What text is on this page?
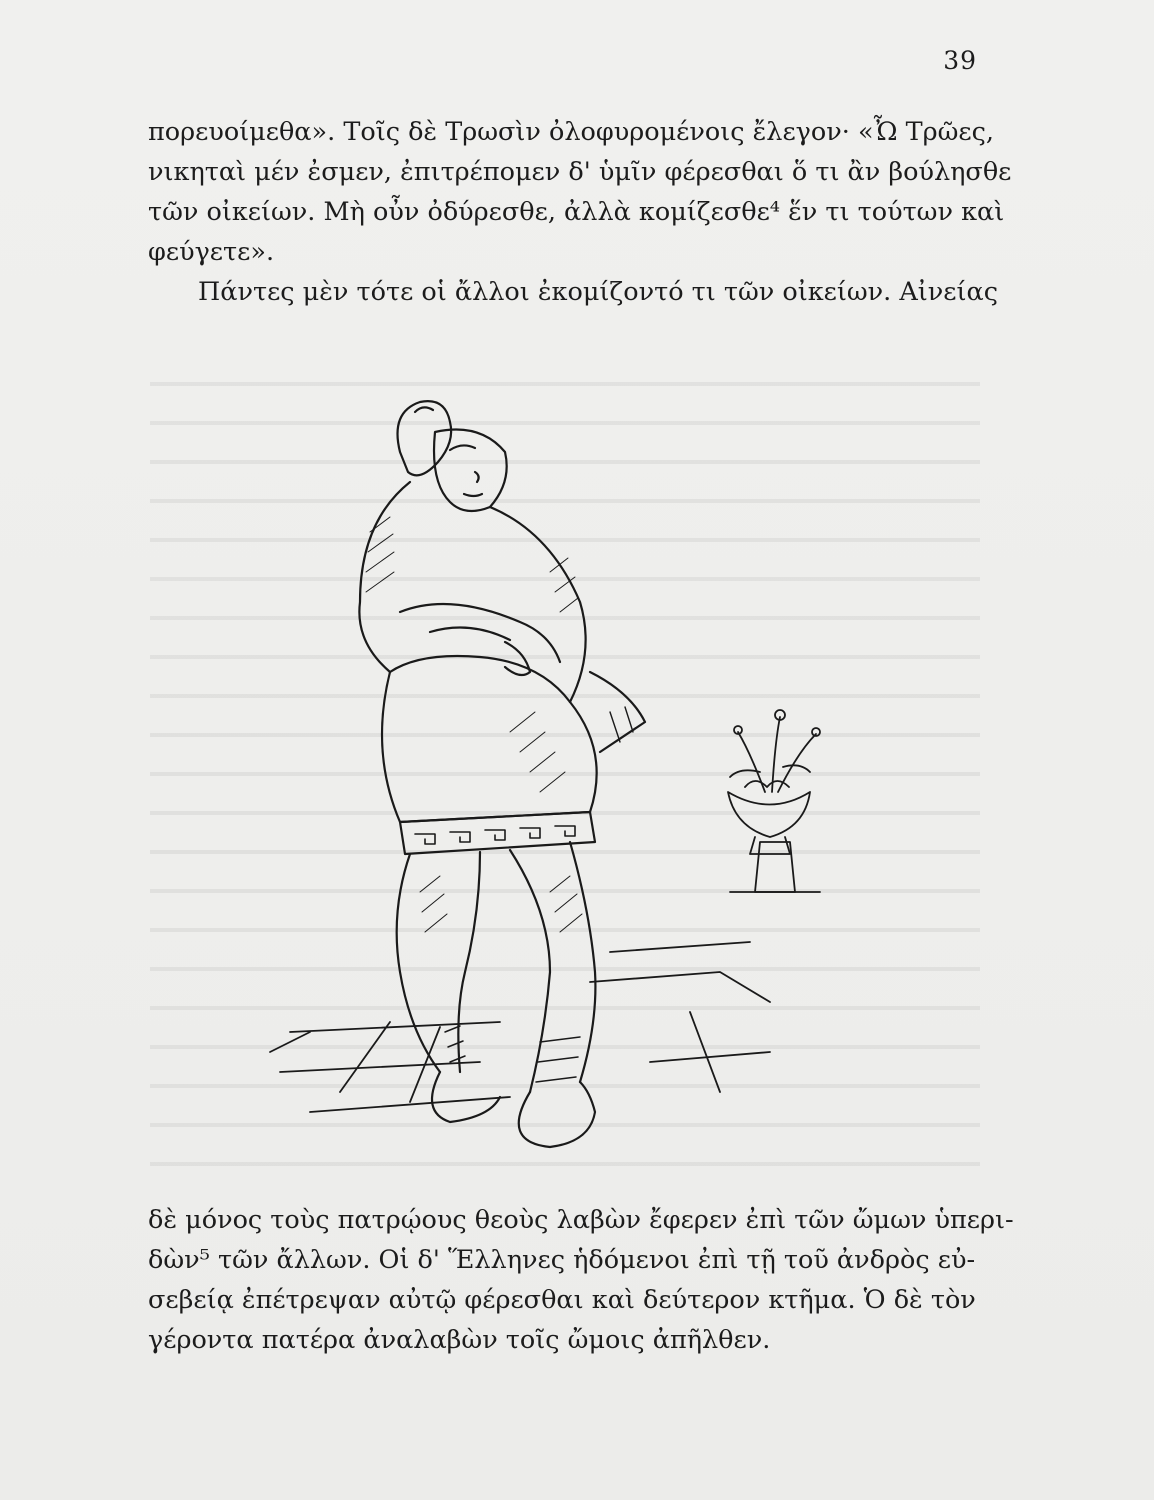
39
πορευοίμεθα». Τοῖς δὲ Τρωσὶν ὀλοφυρομένοις ἔλεγον· «Ὦ Τρῶες,
νικηταὶ μέν ἐσμεν, ἐπιτρέπομεν δ' ὑμῖν φέρεσθαι ὅ τι ἂν βούλησθε
τῶν οἰκείων. Μὴ οὖν ὀδύρεσθε, ἀλλὰ κομίζεσθε⁴ ἕν τι τούτων καὶ
φεύγετε».
Πάντες μὲν τότε οἱ ἄλλοι ἐκομίζοντό τι τῶν οἰκείων. Αἰνείας
δὲ μόνος τοὺς πατρῴους θεοὺς λαβὼν ἔφερεν ἐπὶ τῶν ὤμων ὑπερι-
δὼν⁵ τῶν ἄλλων. Οἱ δ' Ἕλληνες ἡδόμενοι ἐπὶ τῇ τοῦ ἀνδρὸς εὐ-
σεβείᾳ ἐπέτρεψαν αὐτῷ φέρεσθαι καὶ δεύτερον κτῆμα. Ὁ δὲ τὸν
γέροντα πατέρα ἀναλαβὼν τοῖς ὤμοις ἀπῆλθεν.
